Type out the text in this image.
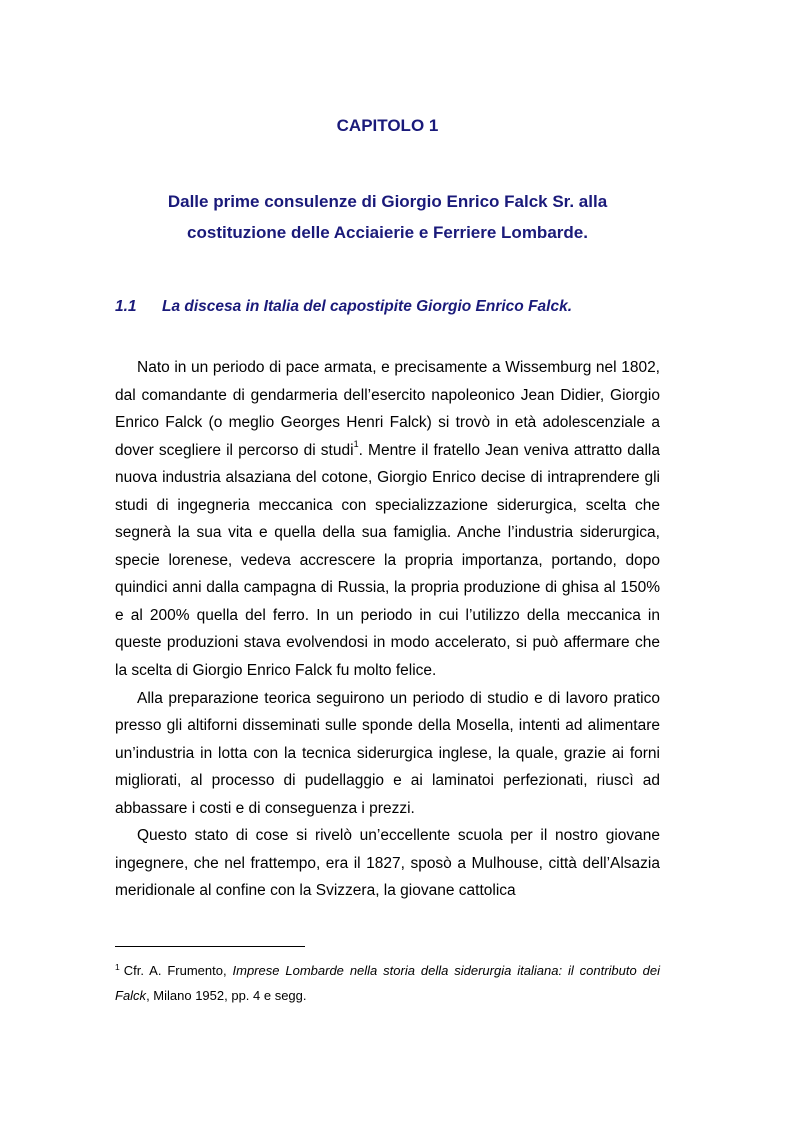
CAPITOLO 1
Dalle prime consulenze di Giorgio Enrico Falck Sr. alla
costituzione delle Acciaierie e Ferriere Lombarde.
1.1 La discesa in Italia del capostipite Giorgio Enrico Falck.

Nato in un periodo di pace armata, e precisamente a Wissemburg nel 1802, dal comandante di gendarmeria dell’esercito napoleonico Jean Didier, Giorgio Enrico Falck (o meglio Georges Henri Falck) si trovò in età adolescenziale a dover scegliere il percorso di studi$^1$. Mentre il fratello Jean veniva attratto dalla nuova industria alsaziana del cotone, Giorgio Enrico decise di intraprendere gli studi di ingegneria meccanica con specializzazione siderurgica, scelta che segnerà la sua vita e quella della sua famiglia. Anche l’industria siderurgica, specie lorenese, vedeva accrescere la propria importanza, portando, dopo quindici anni dalla campagna di Russia, la propria produzione di ghisa al 150% e al 200% quella del ferro. In un periodo in cui l’utilizzo della meccanica in queste produzioni stava evolvendosi in modo accelerato, si può affermare che la scelta di Giorgio Enrico Falck fu molto felice.

Alla preparazione teorica seguirono un periodo di studio e di lavoro pratico presso gli altiforni disseminati sulle sponde della Mosella, intenti ad alimentare un’industria in lotta con la tecnica siderurgica inglese, la quale, grazie ai forni migliorati, al processo di pudellaggio e ai laminatoi perfezionati, riuscì ad abbassare i costi e di conseguenza i prezzi.

Questo stato di cose si rivelò un’eccellente scuola per il nostro giovane ingegnere, che nel frattempo, era il 1827, sposò a Mulhouse, città dell’Alsazia meridionale al confine con la Svizzera, la giovane cattolica

$^1$ Cfr. A. Frumento, Imprese Lombarde nella storia della siderurgia italiana: il contributo dei Falck, Milano 1952, pp. 4 e segg.
